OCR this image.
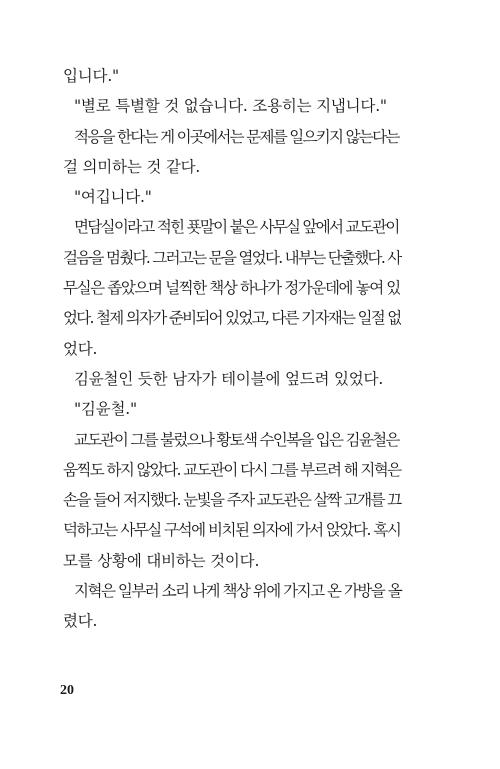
입니다."
"별로 특별할 것 없습니다. 조용히는 지냅니다."
적응을 한다는 게 이곳에서는 문제를 일으키지 않는다는
걸 의미하는 것 같다.
"여깁니다."
면담실이라고 적힌 푯말이 붙은 사무실 앞에서 교도관이
걸음을 멈췄다. 그러고는 문을 열었다. 내부는 단출했다. 사
무실은 좁았으며 널찍한 책상 하나가 정가운데에 놓여 있
었다. 철제 의자가 준비되어 있었고, 다른 기자재는 일절 없
었다.
김윤철인 듯한 남자가 테이블에 엎드려 있었다.
"김윤철."
교도관이 그를 불렀으나 황토색 수인복을 입은 김윤철은
움찍도 하지 않았다. 교도관이 다시 그를 부르려 해 지혁은
손을 들어 저지했다. 눈빛을 주자 교도관은 살짝 고개를 끄
덕하고는 사무실 구석에 비치된 의자에 가서 앉았다. 혹시
모를 상황에 대비하는 것이다.
지혁은 일부러 소리 나게 책상 위에 가지고 온 가방을 올
렸다.
20
